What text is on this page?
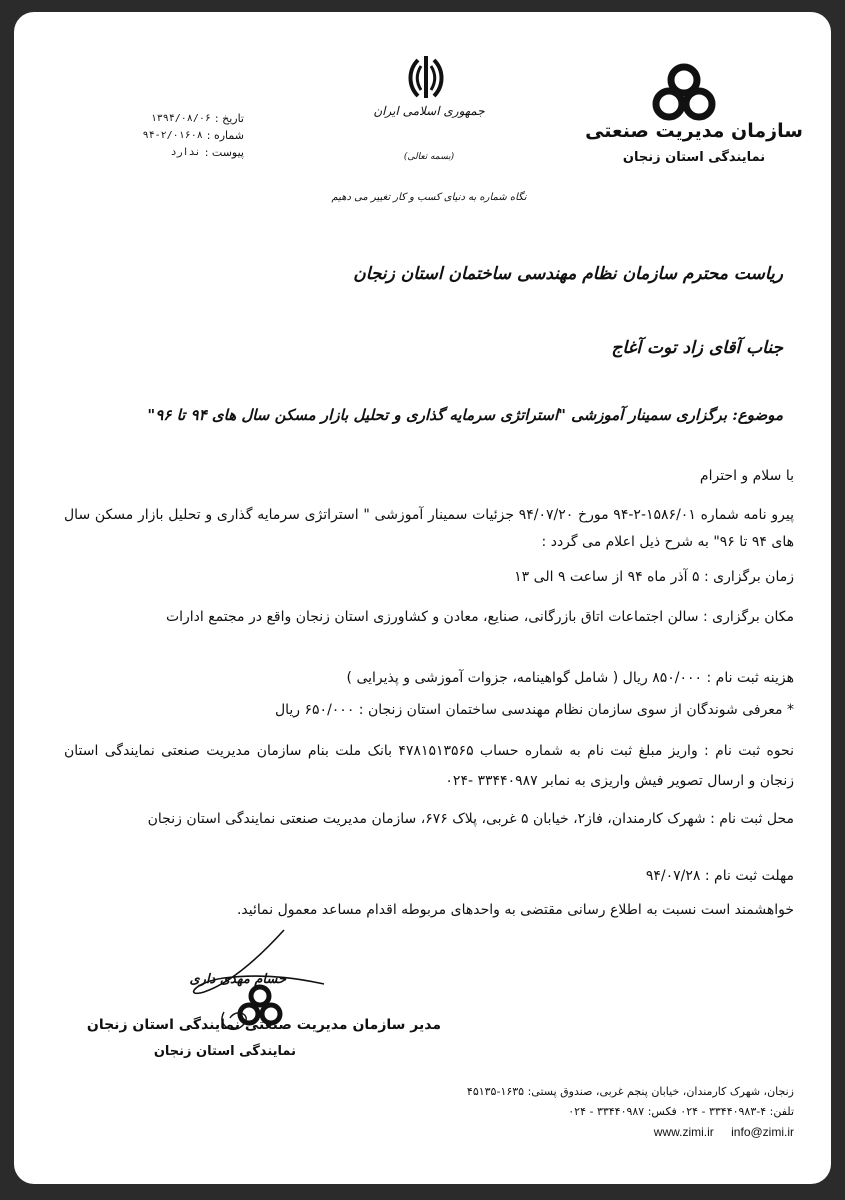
سازمان مدیریت صنعتی
نمایندگی استان زنجان
جمهوری اسلامی ایران
(بسمه تعالی)
نگاه شماره به دنیای کسب و کار تغییر می دهیم
تاریخ :
۱۳۹۴/۰۸/۰۶
شماره :
۹۴-۲/۰۱۶۰۸
پیوست :
ندارد
ریاست محترم سازمان نظام مهندسی ساختمان استان زنجان
جناب آقای زاد توت آغاج
موضوع: برگزاری سمینار آموزشی "استراتژی سرمایه گذاری و تحلیل بازار مسکن سال های ۹۴ تا ۹۶"
با سلام و احترام
پیرو نامه شماره ۱۵۸۶/۰۱-۲-۹۴ مورخ ۹۴/۰۷/۲۰ جزئیات سمینار آموزشی " استراتژی سرمایه گذاری و تحلیل بازار مسکن سال های ۹۴ تا ۹۶" به شرح ذیل اعلام می گردد :
زمان برگزاری : ۵ آذر ماه ۹۴ از ساعت ۹ الی ۱۳
مکان برگزاری : سالن اجتماعات اتاق بازرگانی، صنایع، معادن و کشاورزی استان زنجان واقع در مجتمع ادارات
هزینه ثبت نام : ۸۵۰/۰۰۰ ریال ( شامل گواهینامه، جزوات آموزشی و پذیرایی )
* معرفی شوندگان از سوی سازمان نظام مهندسی ساختمان استان زنجان : ۶۵۰/۰۰۰ ریال
نحوه ثبت نام : واریز مبلغ ثبت نام به شماره حساب ۴۷۸۱۵۱۳۵۶۵ بانک ملت بنام سازمان مدیریت صنعتی نمایندگی استان زنجان و ارسال تصویر فیش واریزی به نمابر ۳۳۴۴۰۹۸۷ -۰۲۴
محل ثبت نام : شهرک کارمندان، فاز۲، خیابان ۵ غربی، پلاک ۶۷۶، سازمان مدیریت صنعتی نمایندگی استان زنجان
مهلت ثبت نام : ۹۴/۰۷/۲۸
خواهشمند است نسبت به اطلاع رسانی مقتضی به واحدهای مربوطه اقدام مساعد معمول نمائید.
حسام مهدی داری
مدیر سازمان مدیریت صنعتی نمایندگی استان زنجان
نمایندگی استان زنجان
زنجان، شهرک کارمندان، خیابان پنجم غربی، صندوق پستی: ۱۶۳۵-۴۵۱۳۵
تلفن: ۴-۳۳۴۴۰۹۸۳ - ۰۲۴ فکس: ۳۳۴۴۰۹۸۷ - ۰۲۴
www.zimi.ir info@zimi.ir
